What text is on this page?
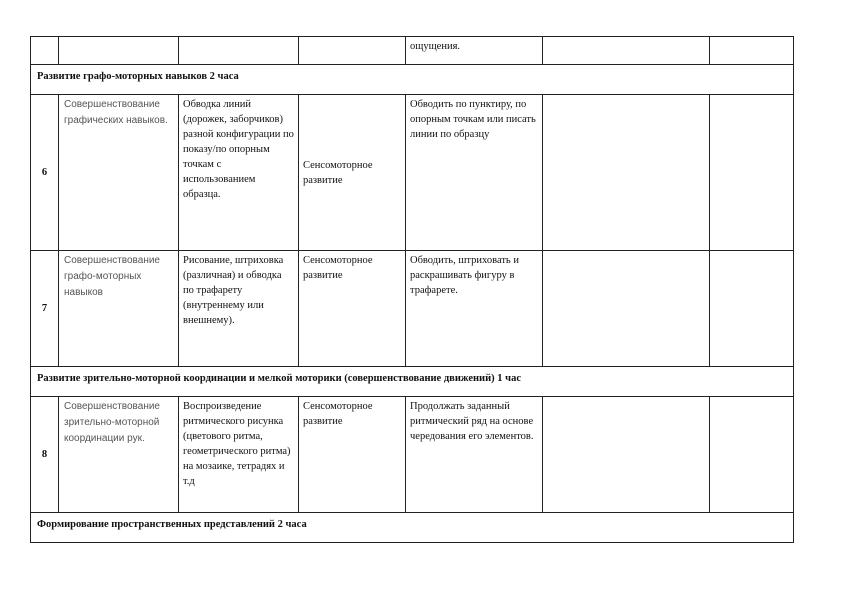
				ощущения.		
Развитие графо-моторных навыков 2 часа						
6	Совершенствование графических навыков.	Обводка линий (дорожек, заборчиков) разной конфигурации по показу/по опорным точкам с использованием образца.	Сенсомоторное развитие	Обводить по пунктиру, по опорным точкам или писать линии по образцу		
7	Совершенствование графо-моторных навыков	Рисование, штриховка (различная) и обводка по трафарету (внутреннему или внешнему).	Сенсомоторное развитие	Обводить, штриховать и раскрашивать фигуру в трафарете.		
Развитие зрительно-моторной координации и мелкой моторики (совершенствование движений) 1 час						
8	Совершенствование зрительно-моторной координации рук.	Воспроизведение ритмического рисунка (цветового ритма, геометрического ритма) на мозаике, тетрадях и т.д	Сенсомоторное развитие	Продолжать заданный ритмический ряд на основе чередования его элементов.		
Формирование пространственных представлений 2 часа						
